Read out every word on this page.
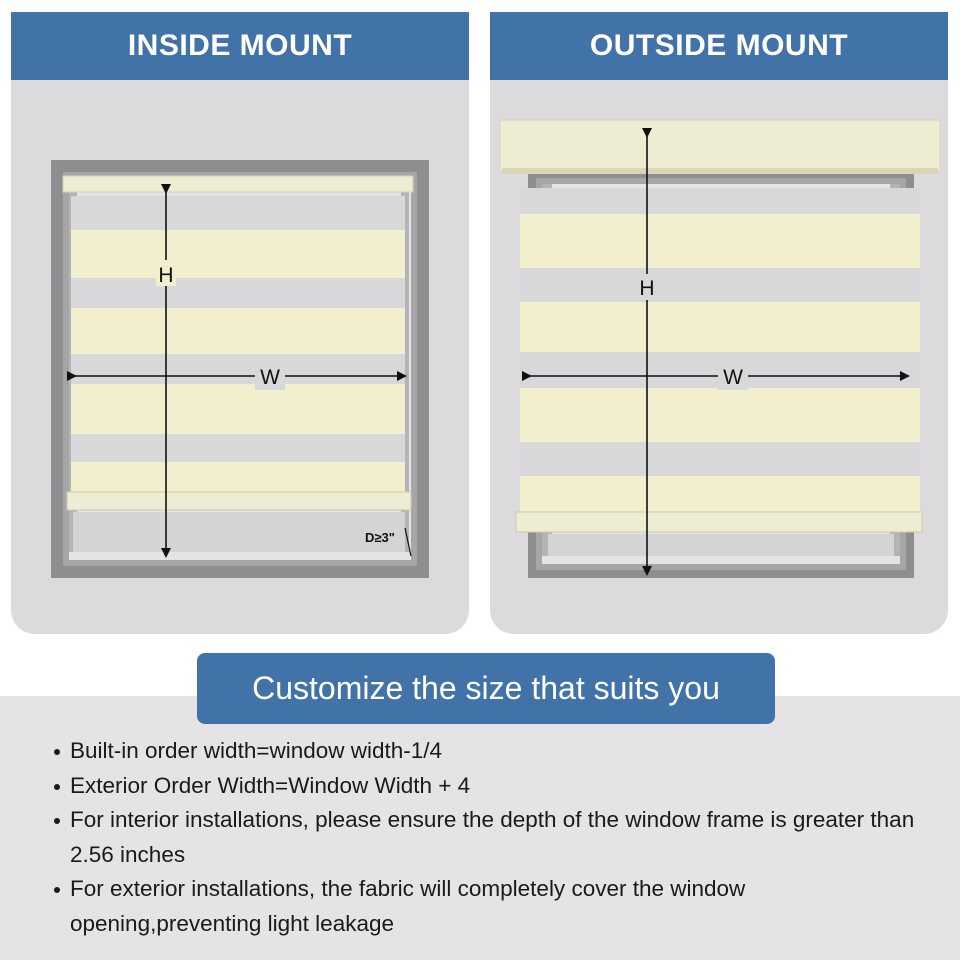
INSIDE MOUNT
H
W
D≥3"
OUTSIDE MOUNT
H
W
Customize the size that suits you
Built-in order width=window width-1/4
Exterior Order Width=Window Width + 4
For interior installations, please ensure the depth of the window frame is greater than 2.56 inches
For exterior installations, the fabric will completely cover the window opening,preventing light leakage
